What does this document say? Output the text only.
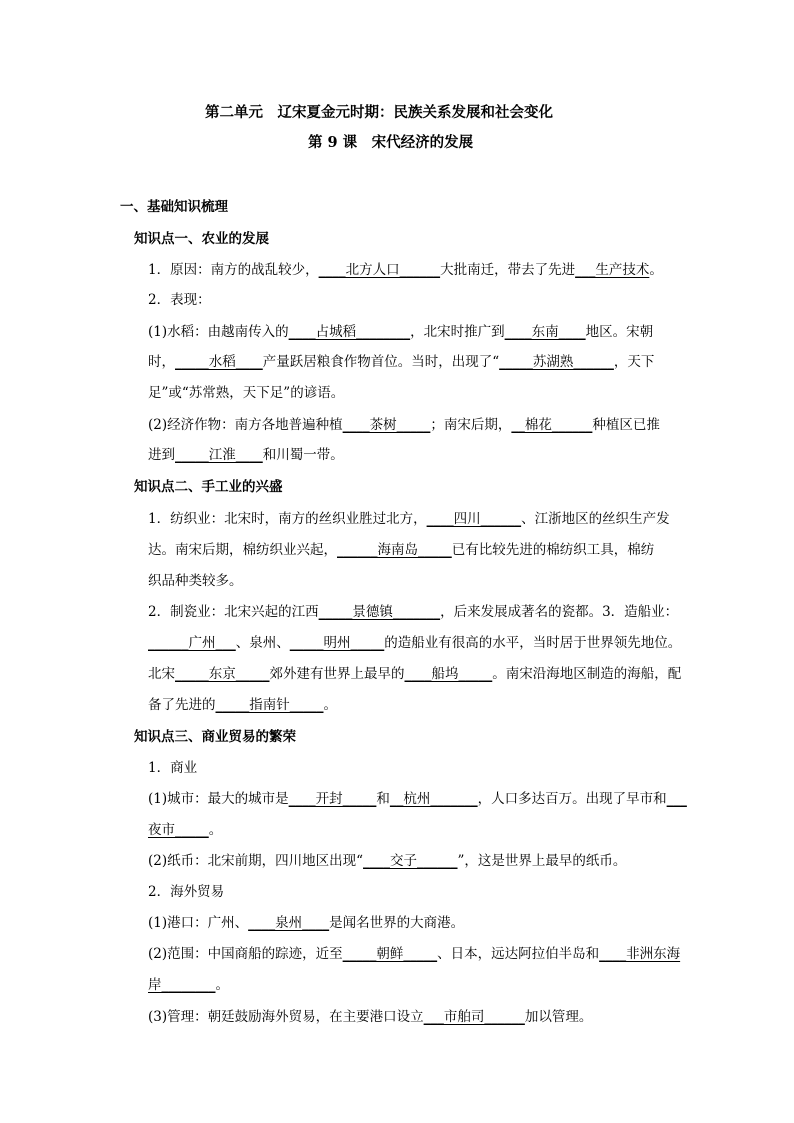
第二单元　辽宋夏金元时期：民族关系发展和社会变化
第 9 课　宋代经济的发展
一、基础知识梳理
知识点一、农业的发展
1．原因：南方的战乱较少，____北方人口______大批南迁，带去了先进___生产技术。
2．表现：
(1)水稻：由越南传入的____占城稻________，北宋时推广到____东南____地区。宋朝
时，_____水稻____产量跃居粮食作物首位。当时，出现了“_____苏湖熟______，天下
足”或“苏常熟，天下足”的谚语。
(2)经济作物：南方各地普遍种植____茶树_____；南宋后期，__棉花______种植区已推
进到_____江淮____和川蜀一带。
知识点二、手工业的兴盛
1．纺织业：北宋时，南方的丝织业胜过北方，____四川______、江浙地区的丝织生产发
达。南宋后期，棉纺织业兴起，______海南岛_____已有比较先进的棉纺织工具，棉纺
织品种类较多。
2．制瓷业：北宋兴起的江西_____景德镇_______，后来发展成著名的瓷都。3．造船业：
______广州___、泉州、_____明州_____的造船业有很高的水平，当时居于世界领先地位。
北宋_____东京_____郊外建有世界上最早的____船坞_____。南宋沿海地区制造的海船，配
备了先进的_____指南针_____。
知识点三、商业贸易的繁荣
1．商业
(1)城市：最大的城市是____开封_____和__杭州_______，人口多达百万。出现了早市和___
夜市_____。
(2)纸币：北宋前期，四川地区出现“____交子______”，这是世界上最早的纸币。
2．海外贸易
(1)港口：广州、____泉州____是闻名世界的大商港。
(2)范围：中国商船的踪迹，近至_____朝鲜_____、日本，远达阿拉伯半岛和____非洲东海
岸________。
(3)管理：朝廷鼓励海外贸易，在主要港口设立___市舶司______加以管理。
